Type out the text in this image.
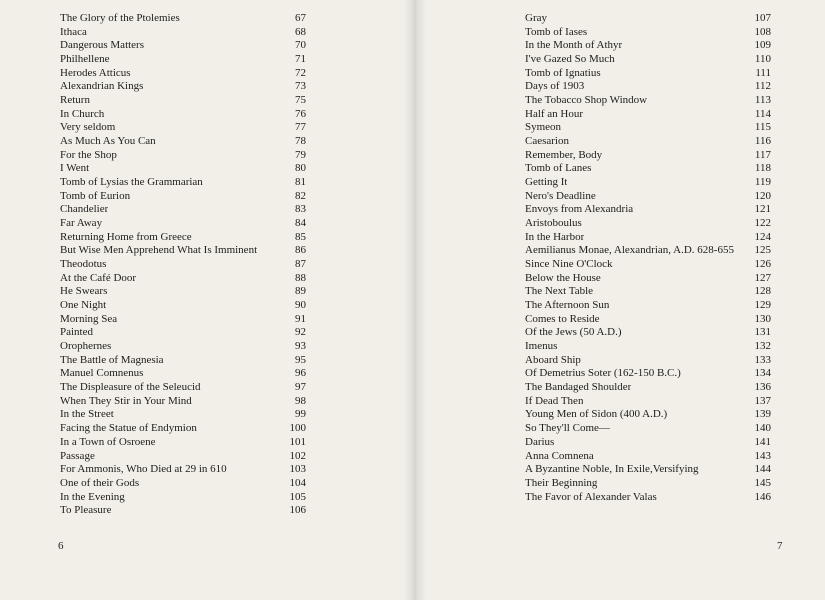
The Glory of the Ptolemies	67
Ithaca	68
Dangerous Matters	70
Philhellene	71
Herodes Atticus	72
Alexandrian Kings	73
Return	75
In Church	76
Very seldom	77
As Much As You Can	78
For the Shop	79
I Went	80
Tomb of Lysias the Grammarian	81
Tomb of Eurion	82
Chandelier	83
Far Away	84
Returning Home from Greece	85
But Wise Men Apprehend What Is Imminent	86
Theodotus	87
At the Café Door	88
He Swears	89
One Night	90
Morning Sea	91
Painted	92
Orophernes	93
The Battle of Magnesia	95
Manuel Comnenus	96
The Displeasure of the Seleucid	97
When They Stir in Your Mind	98
In the Street	99
Facing the Statue of Endymion	100
In a Town of Osroene	101
Passage	102
For Ammonis, Who Died at 29 in 610	103
One of their Gods	104
In the Evening	105
To Pleasure	106
6	7
Gray	107
Tomb of Iases	108
In the Month of Athyr	109
I've Gazed So Much	110
Tomb of Ignatius	111
Days of 1903	112
The Tobacco Shop Window	113
Half an Hour	114
Symeon	115
Caesarion	116
Remember, Body	117
Tomb of Lanes	118
Getting It	119
Nero's Deadline	120
Envoys from Alexandria	121
Aristoboulus	122
In the Harbor	124
Aemilianus Monae, Alexandrian, A.D. 628-655	125
Since Nine O'Clock	126
Below the House	127
The Next Table	128
The Afternoon Sun	129
Comes to Reside	130
Of the Jews (50 A.D.)	131
Imenus	132
Aboard Ship	133
Of Demetrius Soter (162-150 B.C.)	134
The Bandaged Shoulder	136
If Dead Then	137
Young Men of Sidon (400 A.D.)	139
So They'll Come—	140
Darius	141
Anna Comnena	143
A Byzantine Noble, In Exile,Versifying	144
Their Beginning	145
The Favor of Alexander Valas	146
